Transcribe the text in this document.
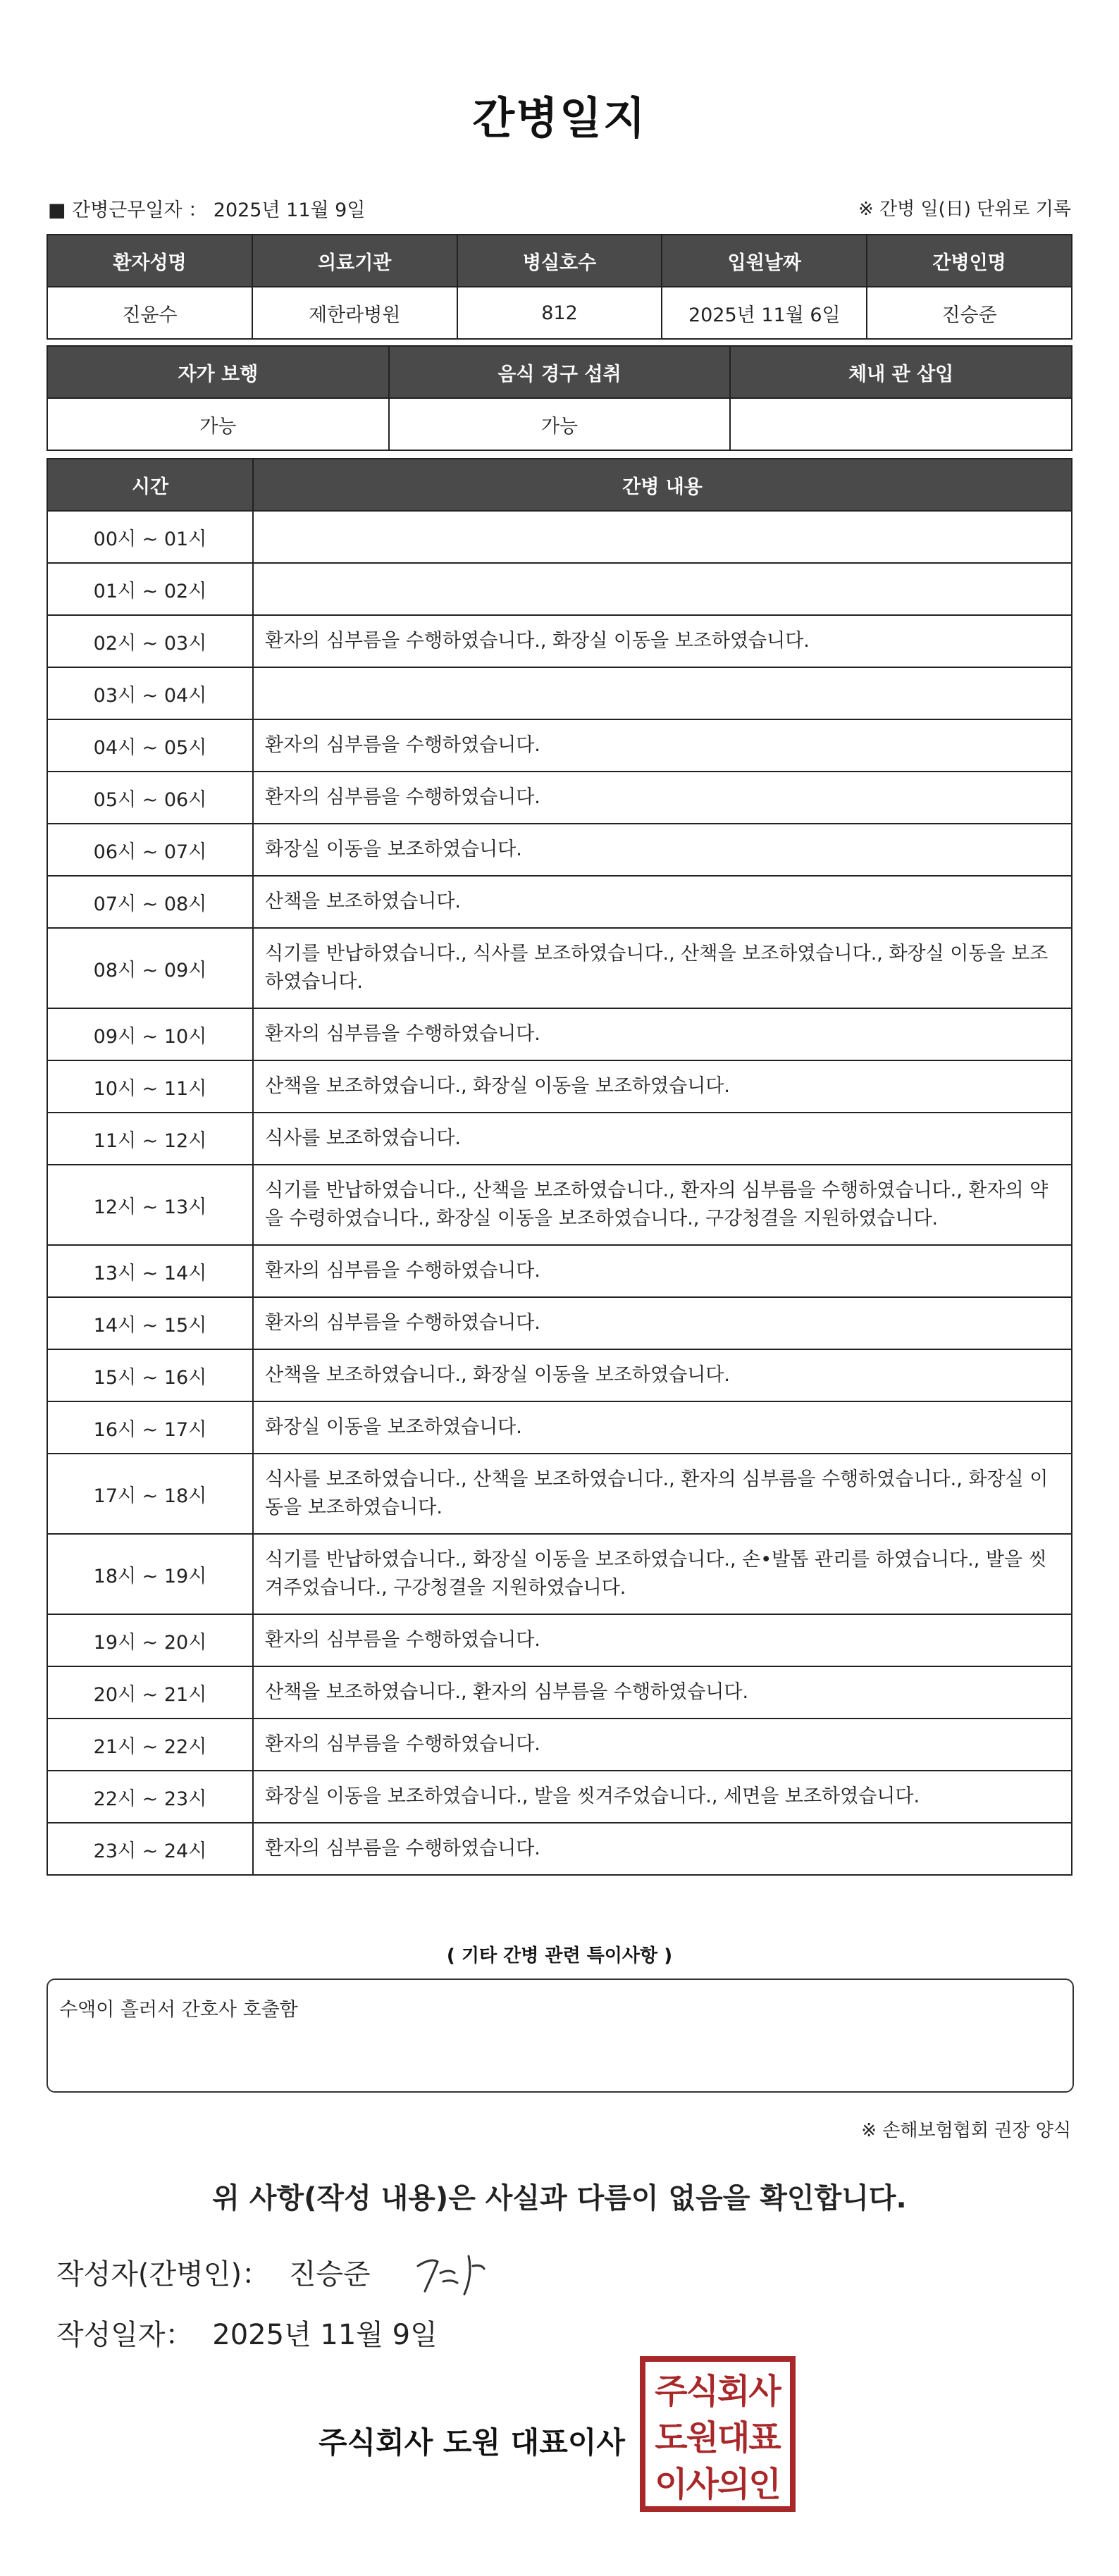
간병일지
■ 간병근무일자 ： 2025년 11월 9일	※ 간병 일(日) 단위로 기록
환자성명	의료기관	병실호수	입원날짜	간병인명
진윤수	제한라병원	812	2025년 11월 6일	진승준
자가 보행	음식 경구 섭취	체내 관 삽입
가능	가능	
시간	간병 내용
00시 ~ 01시	
01시 ~ 02시	
02시 ~ 03시	환자의 심부름을 수행하였습니다., 화장실 이동을 보조하였습니다.
03시 ~ 04시	
04시 ~ 05시	환자의 심부름을 수행하였습니다.
05시 ~ 06시	환자의 심부름을 수행하였습니다.
06시 ~ 07시	화장실 이동을 보조하였습니다.
07시 ~ 08시	산책을 보조하였습니다.
08시 ~ 09시	식기를 반납하였습니다., 식사를 보조하였습니다., 산책을 보조하였습니다., 화장실 이동을 보조하였습니다.
09시 ~ 10시	환자의 심부름을 수행하였습니다.
10시 ~ 11시	산책을 보조하였습니다., 화장실 이동을 보조하였습니다.
11시 ~ 12시	식사를 보조하였습니다.
12시 ~ 13시	식기를 반납하였습니다., 산책을 보조하였습니다., 환자의 심부름을 수행하였습니다., 환자의 약을 수령하였습니다., 화장실 이동을 보조하였습니다., 구강청결을 지원하였습니다.
13시 ~ 14시	환자의 심부름을 수행하였습니다.
14시 ~ 15시	환자의 심부름을 수행하였습니다.
15시 ~ 16시	산책을 보조하였습니다., 화장실 이동을 보조하였습니다.
16시 ~ 17시	화장실 이동을 보조하였습니다.
17시 ~ 18시	식사를 보조하였습니다., 산책을 보조하였습니다., 환자의 심부름을 수행하였습니다., 화장실 이동을 보조하였습니다.
18시 ~ 19시	식기를 반납하였습니다., 화장실 이동을 보조하였습니다., 손•발톱 관리를 하였습니다., 발을 씻겨주었습니다., 구강청결을 지원하였습니다.
19시 ~ 20시	환자의 심부름을 수행하였습니다.
20시 ~ 21시	산책을 보조하였습니다., 환자의 심부름을 수행하였습니다.
21시 ~ 22시	환자의 심부름을 수행하였습니다.
22시 ~ 23시	화장실 이동을 보조하였습니다., 발을 씻겨주었습니다., 세면을 보조하였습니다.
23시 ~ 24시	환자의 심부름을 수행하였습니다.
( 기타 간병 관련 특이사항 )
수액이 흘러서 간호사 호출함
※ 손해보험협회 권장 양식
위 사항(작성 내용)은 사실과 다름이 없음을 확인합니다.
작성자(간병인)： 진승준
작성일자： 2025년 11월 9일
주식회사 도원 대표이사
주식회사
도원대표
이사의인
